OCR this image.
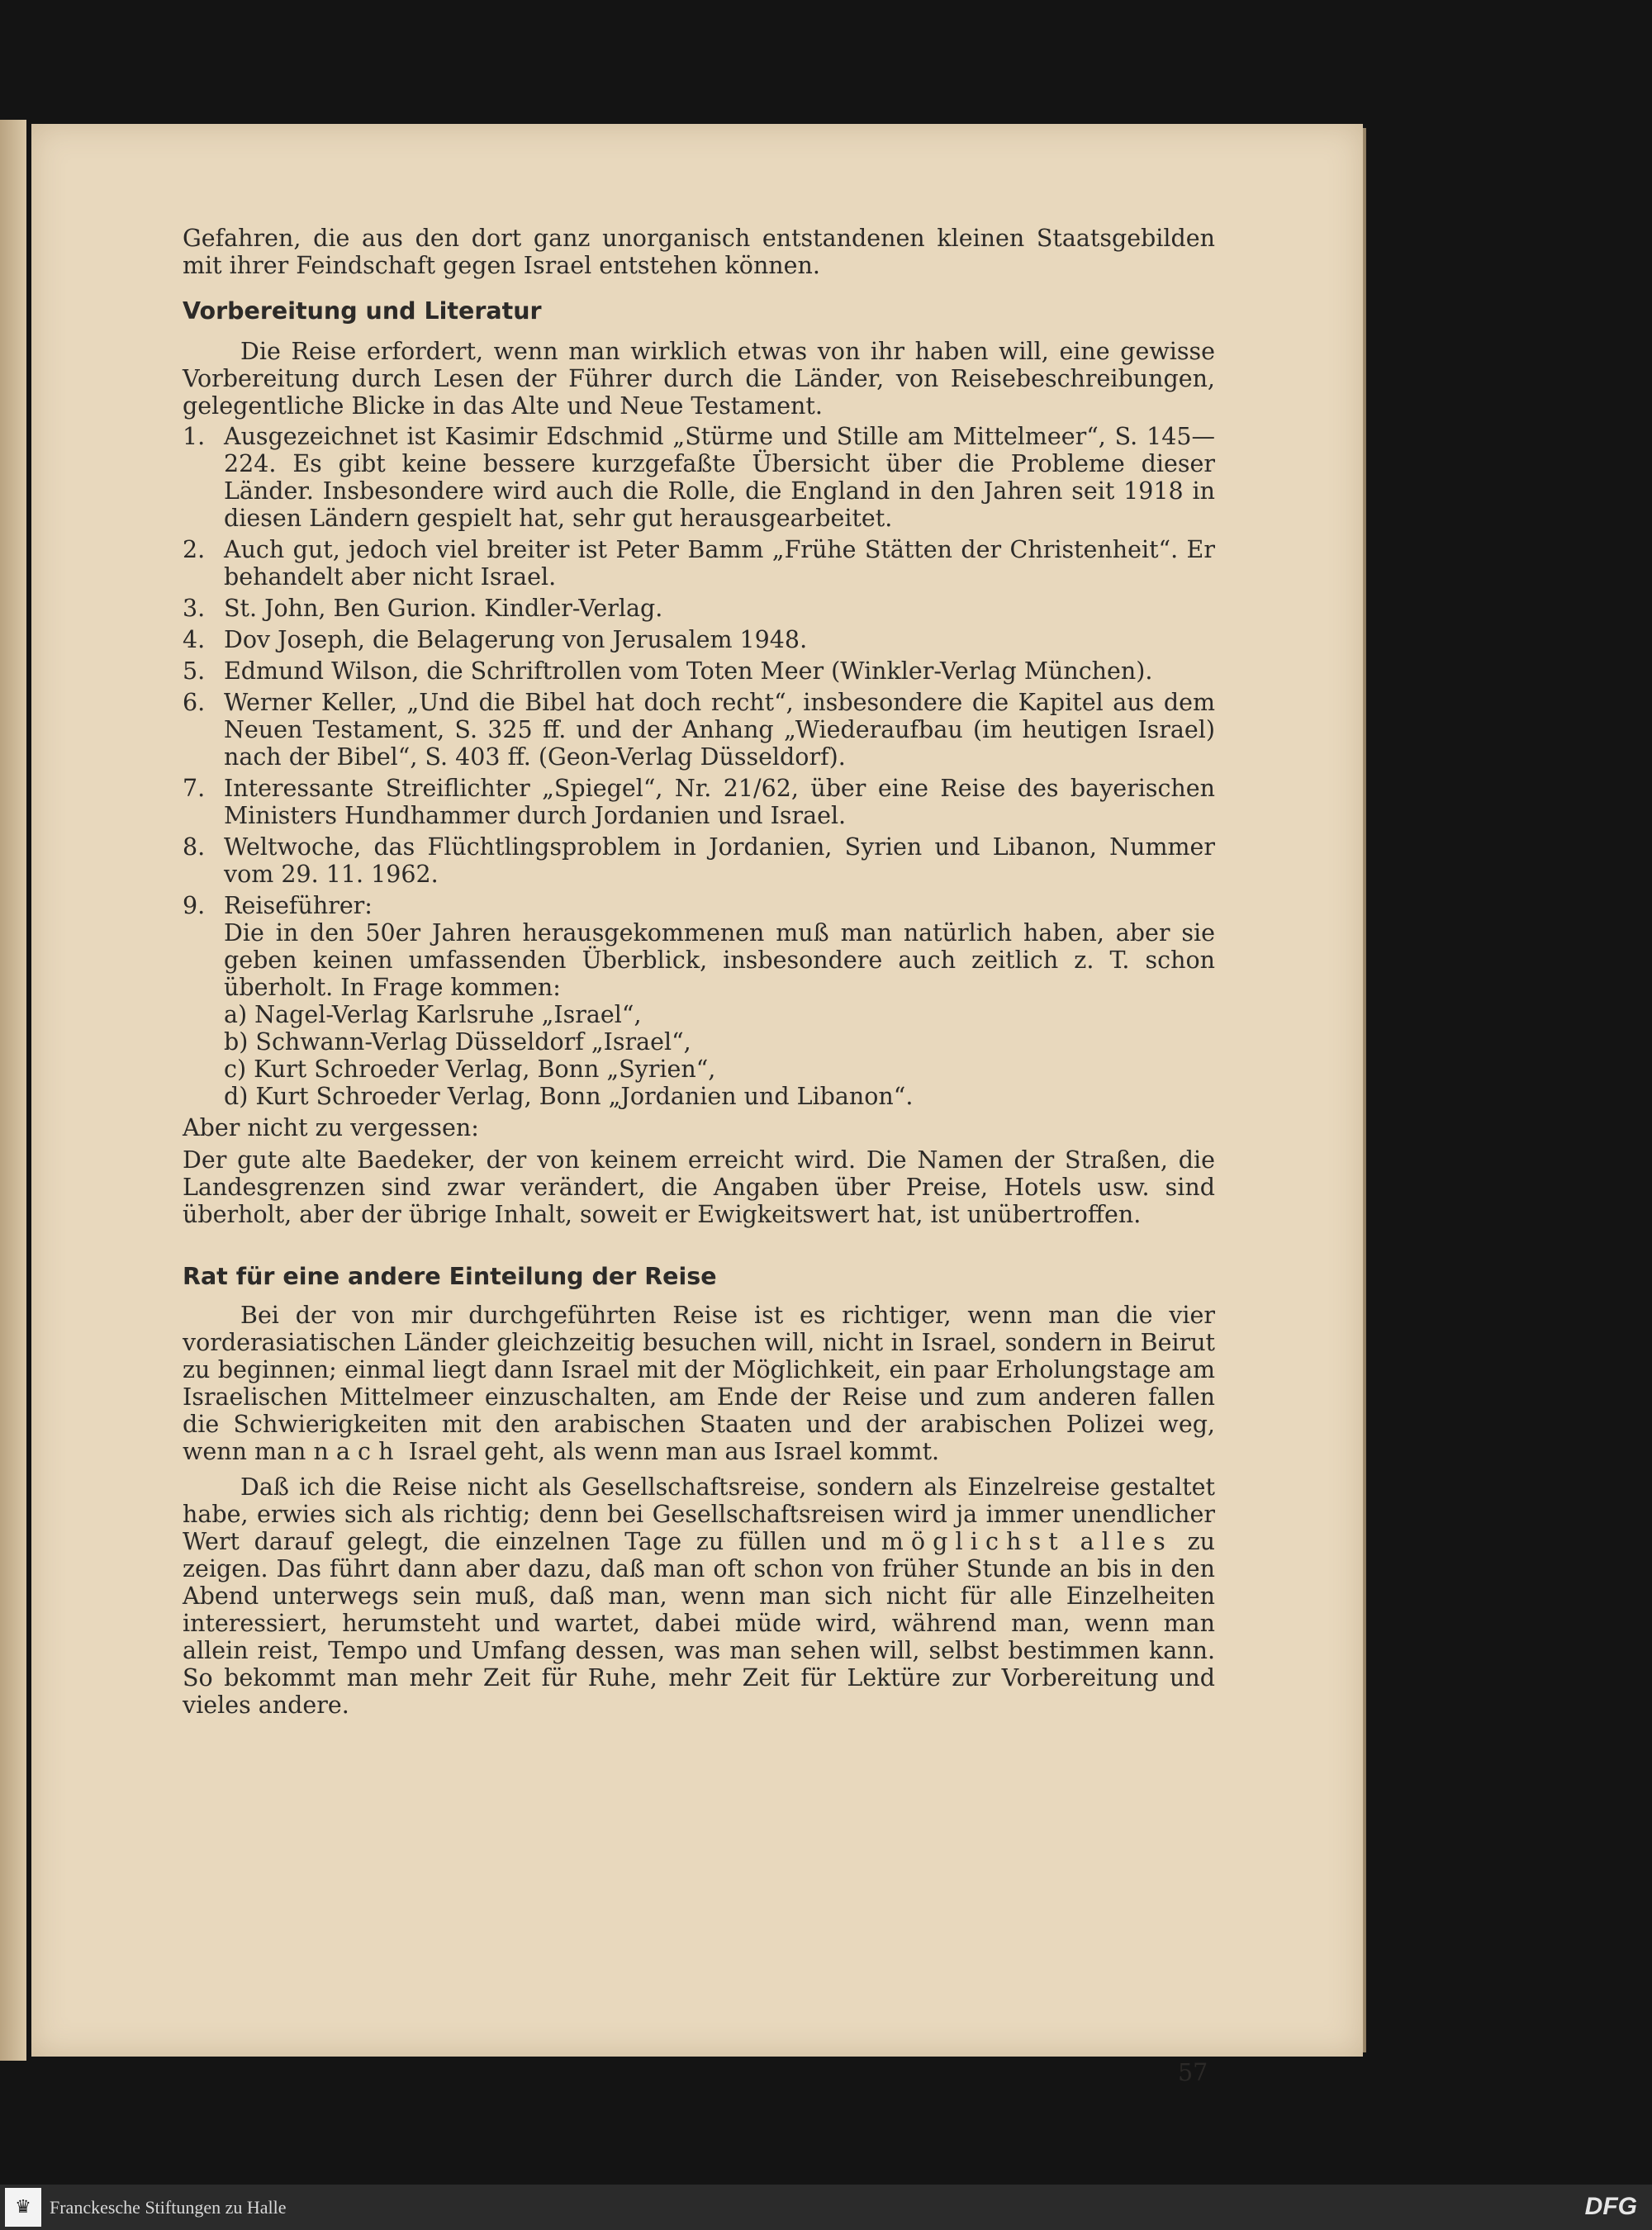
Gefahren, die aus den dort ganz unorganisch entstandenen kleinen Staatsgebilden mit ihrer Feindschaft gegen Israel entstehen können.

Vorbereitung und Literatur

Die Reise erfordert, wenn man wirklich etwas von ihr haben will, eine gewisse Vorbereitung durch Lesen der Führer durch die Länder, von Reisebeschreibungen, gelegentliche Blicke in das Alte und Neue Testament.

1. Ausgezeichnet ist Kasimir Edschmid „Stürme und Stille am Mittelmeer“, S. 145—224. Es gibt keine bessere kurzgefaßte Übersicht über die Probleme dieser Länder. Insbesondere wird auch die Rolle, die England in den Jahren seit 1918 in diesen Ländern gespielt hat, sehr gut herausgearbeitet.
2. Auch gut, jedoch viel breiter ist Peter Bamm „Frühe Stätten der Christenheit“. Er behandelt aber nicht Israel.
3. St. John, Ben Gurion. Kindler-Verlag.
4. Dov Joseph, die Belagerung von Jerusalem 1948.
5. Edmund Wilson, die Schriftrollen vom Toten Meer (Winkler-Verlag München).
6. Werner Keller, „Und die Bibel hat doch recht“, insbesondere die Kapitel aus dem Neuen Testament, S. 325 ff. und der Anhang „Wiederaufbau (im heutigen Israel) nach der Bibel“, S. 403 ff. (Geon-Verlag Düsseldorf).
7. Interessante Streiflichter „Spiegel“, Nr. 21/62, über eine Reise des bayerischen Ministers Hundhammer durch Jordanien und Israel.
8. Weltwoche, das Flüchtlingsproblem in Jordanien, Syrien und Libanon, Nummer vom 29. 11. 1962.
9. Reiseführer:
Die in den 50er Jahren herausgekommenen muß man natürlich haben, aber sie geben keinen umfassenden Überblick, insbesondere auch zeitlich z. T. schon überholt. In Frage kommen:
a) Nagel-Verlag Karlsruhe „Israel“,
b) Schwann-Verlag Düsseldorf „Israel“,
c) Kurt Schroeder Verlag, Bonn „Syrien“,
d) Kurt Schroeder Verlag, Bonn „Jordanien und Libanon“.

Aber nicht zu vergessen:

Der gute alte Baedeker, der von keinem erreicht wird. Die Namen der Straßen, die Landesgrenzen sind zwar verändert, die Angaben über Preise, Hotels usw. sind überholt, aber der übrige Inhalt, soweit er Ewigkeitswert hat, ist unübertroffen.

Rat für eine andere Einteilung der Reise

Bei der von mir durchgeführten Reise ist es richtiger, wenn man die vier vorderasiatischen Länder gleichzeitig besuchen will, nicht in Israel, sondern in Beirut zu beginnen; einmal liegt dann Israel mit der Möglichkeit, ein paar Erholungstage am Israelischen Mittelmeer einzuschalten, am Ende der Reise und zum anderen fallen die Schwierigkeiten mit den arabischen Staaten und der arabischen Polizei weg, wenn man nach Israel geht, als wenn man aus Israel kommt.

Daß ich die Reise nicht als Gesellschaftsreise, sondern als Einzelreise gestaltet habe, erwies sich als richtig; denn bei Gesellschaftsreisen wird ja immer unendlicher Wert darauf gelegt, die einzelnen Tage zu füllen und möglichst alles zu zeigen. Das führt dann aber dazu, daß man oft schon von früher Stunde an bis in den Abend unterwegs sein muß, daß man, wenn man sich nicht für alle Einzelheiten interessiert, herumsteht und wartet, dabei müde wird, während man, wenn man allein reist, Tempo und Umfang dessen, was man sehen will, selbst bestimmen kann. So bekommt man mehr Zeit für Ruhe, mehr Zeit für Lektüre zur Vorbereitung und vieles andere.

57
♛	Franckesche Stiftungen zu Halle	DFG
